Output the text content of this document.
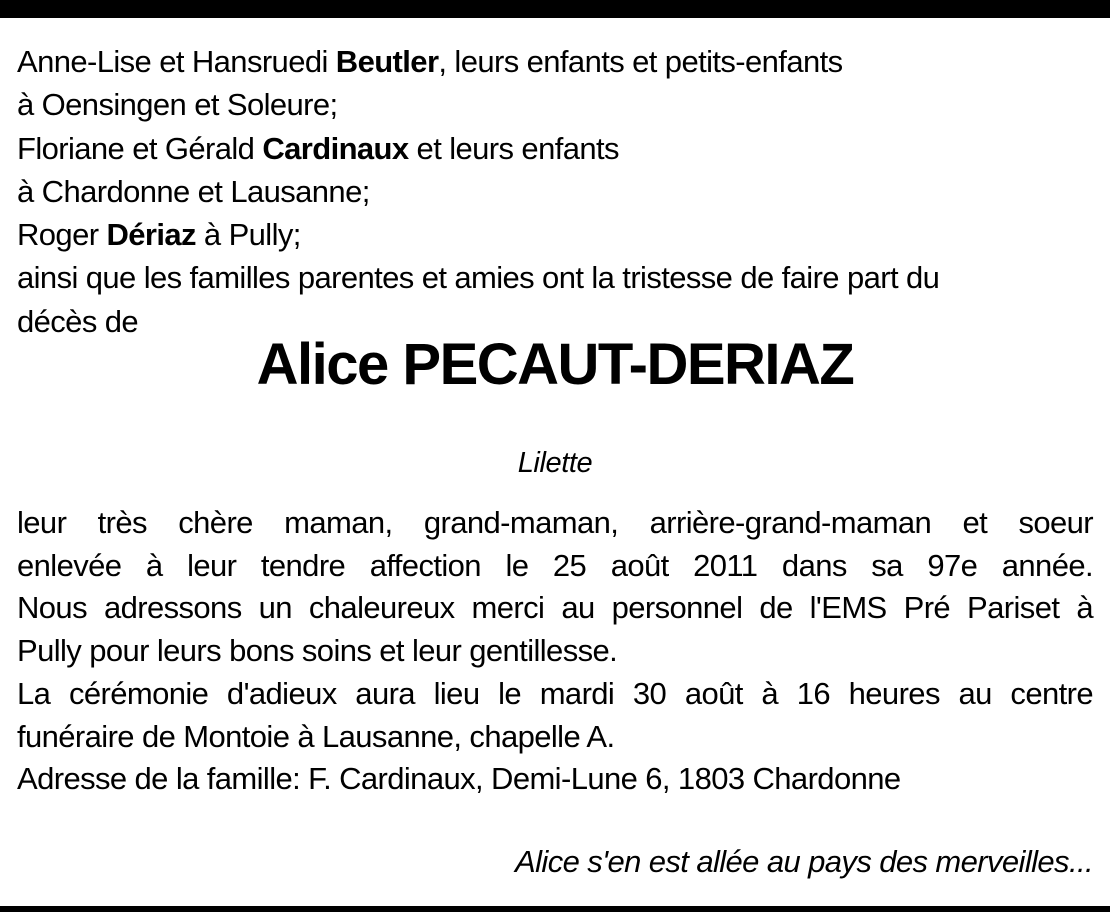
Anne-Lise et Hansruedi Beutler, leurs enfants et petits-enfants
à Oensingen et Soleure;
Floriane et Gérald Cardinaux et leurs enfants
à Chardonne et Lausanne;
Roger Dériaz à Pully;
ainsi que les familles parentes et amies ont la tristesse de faire part du
décès de
Alice PECAUT-DERIAZ
Lilette
leur très chère maman, grand-maman, arrière-grand-maman et soeur
enlevée à leur tendre affection le 25 août 2011 dans sa 97e année.
Nous adressons un chaleureux merci au personnel de l'EMS Pré Pariset à
Pully pour leurs bons soins et leur gentillesse.
La cérémonie d'adieux aura lieu le mardi 30 août à 16 heures au centre
funéraire de Montoie à Lausanne, chapelle A.
Adresse de la famille: F. Cardinaux, Demi-Lune 6, 1803 Chardonne
Alice s'en est allée au pays des merveilles...
